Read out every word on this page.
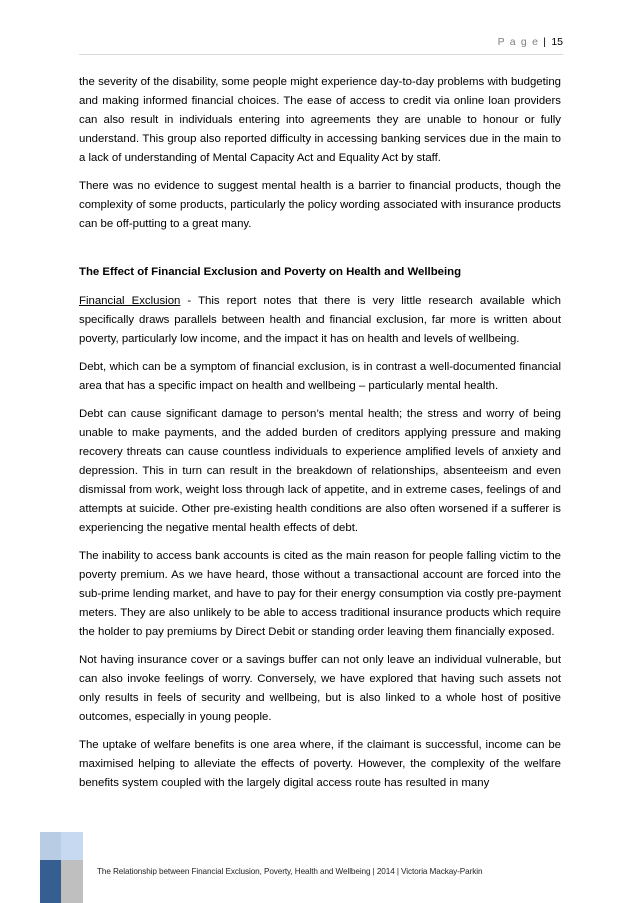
P a g e | 15

the severity of the disability, some people might experience day-to-day problems with budgeting and making informed financial choices. The ease of access to credit via online loan providers can also result in individuals entering into agreements they are unable to honour or fully understand. This group also reported difficulty in accessing banking services due in the main to a lack of understanding of Mental Capacity Act and Equality Act by staff.

There was no evidence to suggest mental health is a barrier to financial products, though the complexity of some products, particularly the policy wording associated with insurance products can be off-putting to a great many.

The Effect of Financial Exclusion and Poverty on Health and Wellbeing

Financial Exclusion - This report notes that there is very little research available which specifically draws parallels between health and financial exclusion, far more is written about poverty, particularly low income, and the impact it has on health and levels of wellbeing.

Debt, which can be a symptom of financial exclusion, is in contrast a well-documented financial area that has a specific impact on health and wellbeing – particularly mental health.

Debt can cause significant damage to person’s mental health; the stress and worry of being unable to make payments, and the added burden of creditors applying pressure and making recovery threats can cause countless individuals to experience amplified levels of anxiety and depression. This in turn can result in the breakdown of relationships, absenteeism and even dismissal from work, weight loss through lack of appetite, and in extreme cases, feelings of and attempts at suicide. Other pre-existing health conditions are also often worsened if a sufferer is experiencing the negative mental health effects of debt.

The inability to access bank accounts is cited as the main reason for people falling victim to the poverty premium. As we have heard, those without a transactional account are forced into the sub-prime lending market, and have to pay for their energy consumption via costly pre-payment meters. They are also unlikely to be able to access traditional insurance products which require the holder to pay premiums by Direct Debit or standing order leaving them financially exposed.

Not having insurance cover or a savings buffer can not only leave an individual vulnerable, but can also invoke feelings of worry. Conversely, we have explored that having such assets not only results in feels of security and wellbeing, but is also linked to a whole host of positive outcomes, especially in young people.

The uptake of welfare benefits is one area where, if the claimant is successful, income can be maximised helping to alleviate the effects of poverty. However, the complexity of the welfare benefits system coupled with the largely digital access route has resulted in many

The Relationship between Financial Exclusion, Poverty, Health and Wellbeing | 2014 | Victoria Mackay-Parkin
